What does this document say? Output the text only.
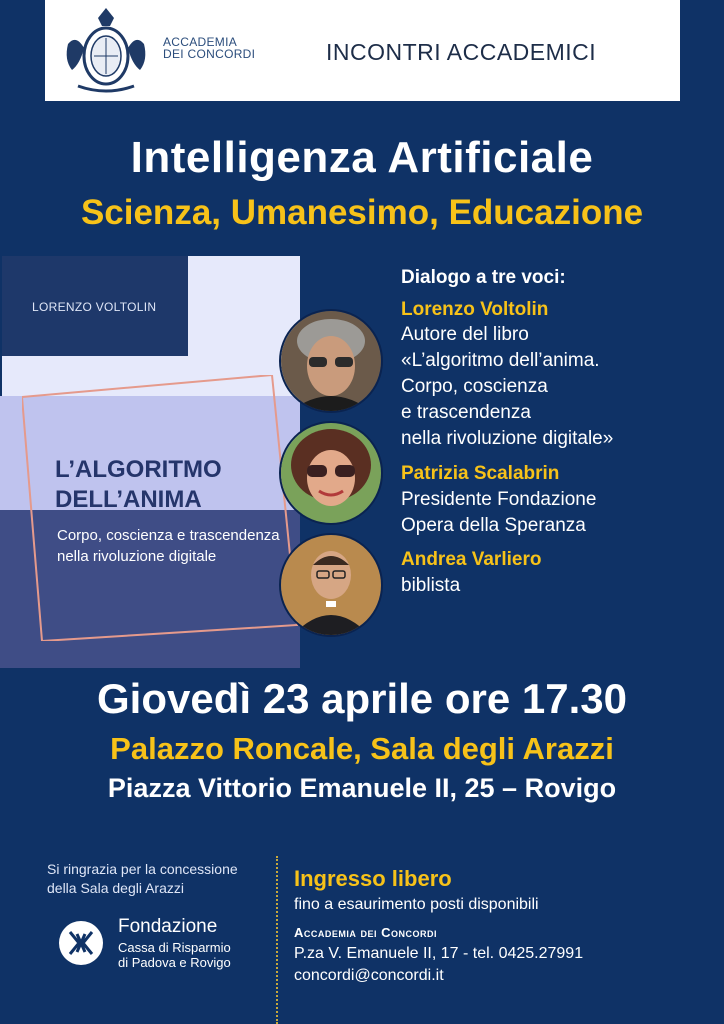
ACCADEMIA
DEI CONCORDI	INCONTRI ACCADEMICI
Intelligenza Artificiale
Scienza, Umanesimo, Educazione
LORENZO VOLTOLIN
L’ALGORITMO
DELL’ANIMA
Corpo, coscienza e trascendenza
nella rivoluzione digitale
Dialogo a tre voci:
Lorenzo Voltolin
Autore del libro
«L’algoritmo dell’anima.
Corpo, coscienza
e trascendenza
nella rivoluzione digitale»
Patrizia Scalabrin
Presidente Fondazione
Opera della Speranza
Andrea Varliero
biblista
Giovedì 23 aprile ore 17.30
Palazzo Roncale, Sala degli Arazzi
Piazza Vittorio Emanuele II, 25 – Rovigo
Si ringrazia per la concessione
della Sala degli Arazzi
Fondazione
Cassa di Risparmio
di Padova e Rovigo
Ingresso libero
fino a esaurimento posti disponibili
Accademia dei Concordi
P.za V. Emanuele II, 17 - tel. 0425.27991
concordi@concordi.it
